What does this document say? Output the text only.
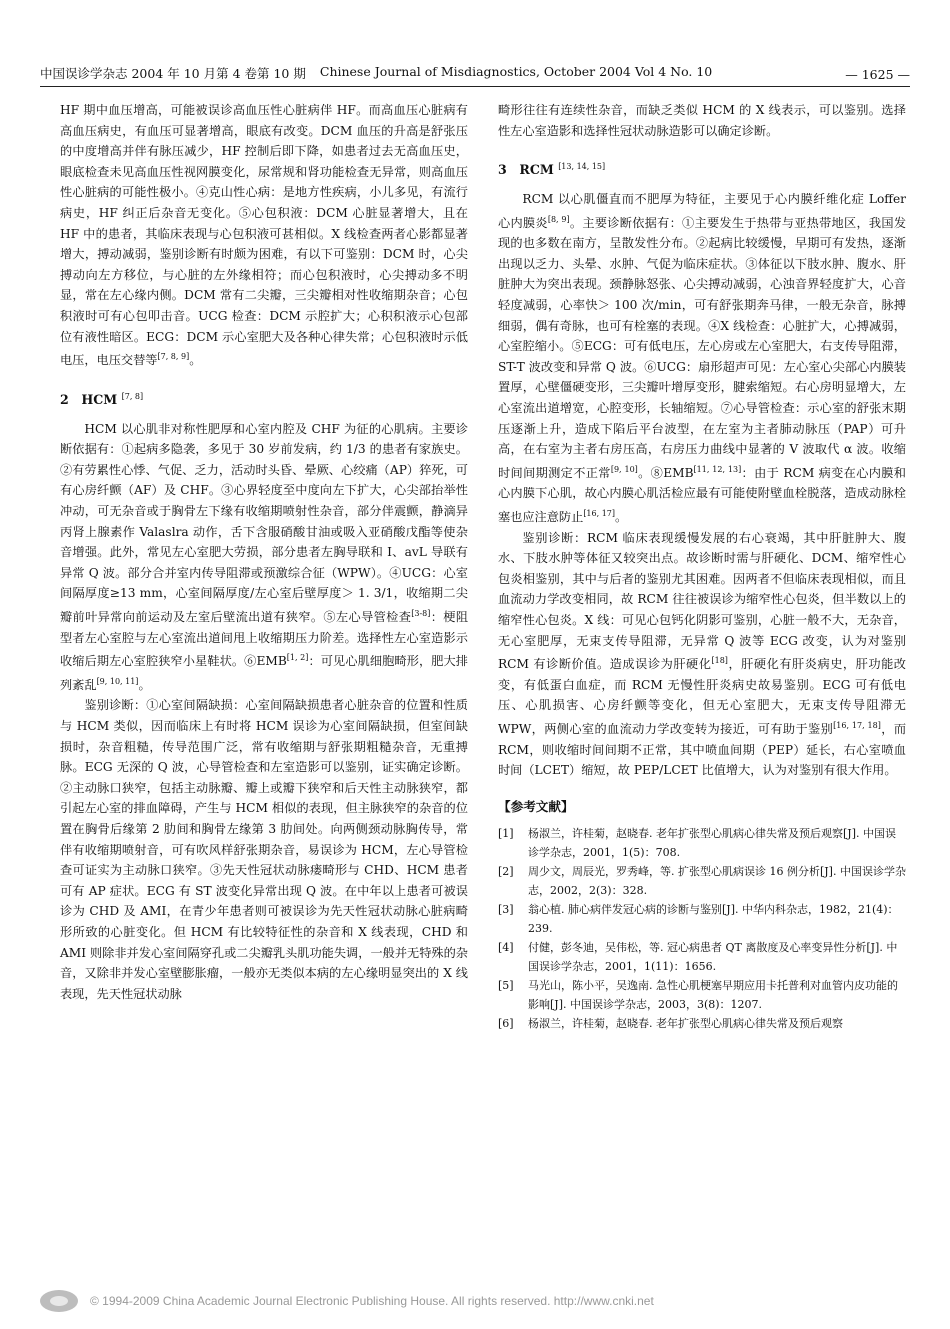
中国误诊学杂志 2004 年 10 月第 4 卷第 10 期 Chinese Journal of Misdiagnostics, October 2004 Vol 4 No. 10	— 1625 —

HF 期中血压增高，可能被误诊高血压性心脏病伴 HF。而高血压心脏病有高血压病史，有血压可显著增高，眼底有改变。DCM 血压的升高是舒张压的中度增高并伴有脉压减少，HF 控制后即下降，如患者过去无高血压史，眼底检查未见高血压性视网膜变化，尿常规和肾功能检查无异常，则高血压性心脏病的可能性极小。④克山性心病：是地方性疾病，小儿多见，有流行病史，HF 纠正后杂音无变化。⑤心包积液：DCM 心脏显著增大，且在 HF 中的患者，其临床表现与心包积液可甚相似。X 线检查两者心影都显著增大，搏动减弱，鉴别诊断有时颇为困难，有以下可鉴别：DCM 时，心尖搏动向左方移位，与心脏的左外缘相符；而心包积液时，心尖搏动多不明显，常在左心缘内侧。DCM 常有二尖瓣，三尖瓣相对性收缩期杂音；心包积液时可有心包叩击音。UCG 检查：DCM 示腔扩大；心积积液示心包部位有液性暗区。ECG：DCM 示心室肥大及各种心律失常；心包积液时示低电压，电压交替等[7, 8, 9]。

2　HCM [7, 8]

HCM 以心肌非对称性肥厚和心室内腔及 CHF 为征的心肌病。主要诊断依据有：①起病多隐袭，多见于 30 岁前发病，约 1/3 的患者有家族史。②有劳累性心悸、气促、乏力，活动时头昏、晕厥、心绞痛（AP）猝死，可有心房纤颤（AF）及 CHF。③心界轻度至中度向左下扩大，心尖部抬举性冲动，可无杂音或于胸骨左下缘有收缩期喷射性杂音，部分伴震颤，静滴异丙肾上腺素作 Valaslra 动作，舌下含服硝酸甘油或吸入亚硝酸戊酯等使杂音增强。此外，常见左心室肥大劳损，部分患者左胸导联和 Ⅰ、avL 导联有异常 Q 波。部分合并室内传导阻滞或预激综合征（WPW）。④UCG：心室间隔厚度≥13 mm，心室间隔厚度/左心室后壁厚度＞ 1. 3/1，收缩期二尖瓣前叶异常向前运动及左室后壁流出道有狭窄。⑤左心导管检查[3-8]：梗阻型者左心室腔与左心室流出道间甩上收缩期压力阶差。选择性左心室造影示收缩后期左心室腔狭窄小星鞋状。⑥EMB[1, 2]：可见心肌细胞畸形，肥大排列紊乱[9, 10, 11]。

鉴别诊断：①心室间隔缺损：心室间隔缺损患者心脏杂音的位置和性质与 HCM 类似，因而临床上有时将 HCM 误诊为心室间隔缺损，但室间缺损时，杂音粗糙，传导范围广泛，常有收缩期与舒张期粗糙杂音，无重搏脉。ECG 无深的 Q 波，心导管检查和左室造影可以鉴别，证实确定诊断。②主动脉口狭窄，包括主动脉瓣、瓣上或瓣下狭窄和后天性主动脉狭窄，都引起左心室的排血障碍，产生与 HCM 相似的表现，但主脉狭窄的杂音的位置在胸骨后缘第 2 肋间和胸骨左缘第 3 肋间处。向两侧颈动脉胸传导，常伴有收缩期喷射音，可有吹风样舒张期杂音，易误诊为 HCM，左心导管检查可证实为主动脉口狭窄。③先天性冠状动脉瘘畸形与 CHD、HCM 患者可有 AP 症状。ECG 有 ST 波变化异常出现 Q 波。在中年以上患者可被误诊为 CHD 及 AMI，在青少年患者则可被误诊为先天性冠状动脉心脏病畸形所致的心脏变化。但 HCM 有比较特征性的杂音和 X 线表现，CHD 和 AMI 则除非并发心室间隔穿孔或二尖瓣乳头肌功能失调，一般并无特殊的杂音，又除非并发心室壁膨胀瘤，一般亦无类似本病的左心缘明显突出的 X 线表现，先天性冠状动脉

畸形往往有连续性杂音，而缺乏类似 HCM 的 X 线表示，可以鉴别。选择性左心室造影和选择性冠状动脉造影可以确定诊断。

3　RCM [13, 14, 15]

RCM 以心肌僵直而不肥厚为特征，主要见于心内膜纤维化症 Loffer 心内膜炎[8, 9]。主要诊断依据有：①主要发生于热带与亚热带地区，我国发现的也多数在南方，呈散发性分布。②起病比较缓慢，早期可有发热，逐渐出现以乏力、头晕、水肿、气促为临床症状。③体征以下肢水肿、腹水、肝脏肿大为突出表现。颈静脉怒张、心尖搏动减弱，心浊音界轻度扩大，心音轻度减弱，心率快＞ 100 次/min，可有舒张期奔马律，一般无杂音，脉搏细弱，偶有奇脉，也可有栓塞的表现。④X 线检查：心脏扩大，心搏减弱，心室腔缩小。⑤ECG：可有低电压，左心房或左心室肥大，右支传导阻滞，ST-T 波改变和异常 Q 波。⑥UCG：扇形超声可见：左心室心尖部心内膜装置厚，心壁僵硬变形，三尖瓣叶增厚变形，腱索缩短。右心房明显增大，左心室流出道增宽，心腔变形，长轴缩短。⑦心导管检查：示心室的舒张末期压逐渐上升，造成下陷后平台波型，在左室为主者肺动脉压（PAP）可升高，在右室为主者右房压高，右房压力曲线中显著的 V 波取代 α 波。收缩时间间期测定不正常[9, 10]。⑧EMB[11, 12, 13]：由于 RCM 病变在心内膜和心内膜下心肌，故心内膜心肌活检应最有可能使附壁血栓脱落，造成动脉栓塞也应注意防止[16, 17]。

鉴别诊断：RCM 临床表现缓慢发展的右心衰竭，其中肝脏肿大、腹水、下肢水肿等体征又较突出点。故诊断时需与肝硬化、DCM、缩窄性心包炎相鉴别，其中与后者的鉴别尤其困难。因两者不但临床表现相似，而且血流动力学改变相同，故 RCM 往往被误诊为缩窄性心包炎，但半数以上的缩窄性心包炎。X 线：可见心包钙化阴影可鉴别，心脏一般不大，无杂音，无心室肥厚，无束支传导阻滞，无异常 Q 波等 ECG 改变，认为对鉴别 RCM 有诊断价值。造成误诊为肝硬化[18]，肝硬化有肝炎病史，肝功能改变，有低蛋白血症，而 RCM 无慢性肝炎病史故易鉴别。ECG 可有低电压、心肌损害、心房纤颤等变化，但无心室肥大，无束支传导阻滞无 WPW，两侧心室的血流动力学改变转为接近，可有助于鉴别[16, 17, 18]，而 RCM，则收缩时间间期不正常，其中喷血间期（PEP）延长，右心室喷血时间（LCET）缩短，故 PEP/LCET 比值增大，认为对鉴别有很大作用。

【参考文献】
[1]	杨淑兰，许桂菊，赵晓春. 老年扩张型心肌病心律失常及预后观察[J]. 中国误诊学杂志，2001，1(5)：708.
[2]	周少文，周辰光，罗秀峰，等. 扩张型心肌病误诊 16 例分析[J]. 中国误诊学杂志，2002，2(3)：328.
[3]	翁心植. 肺心病伴发冠心病的诊断与鉴别[J]. 中华内科杂志，1982，21(4)：239.
[4]	付健，彭冬迪，吴伟松，等. 冠心病患者 QT 离散度及心率变异性分析[J]. 中国误诊学杂志，2001，1(11)：1656.
[5]	马光山，陈小平，吴逸南. 急性心肌梗塞早期应用卡托普利对血管内皮功能的影响[J]. 中国误诊学杂志，2003，3(8)：1207.
[6]	杨淑兰，许桂菊，赵晓春. 老年扩张型心肌病心律失常及预后观察
© 1994-2009 China Academic Journal Electronic Publishing House. All rights reserved. http://www.cnki.net
